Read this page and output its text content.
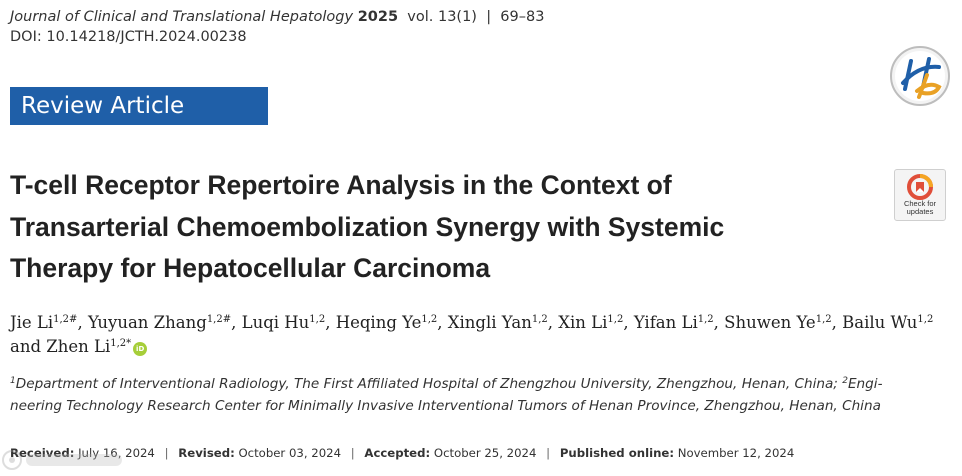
Journal of Clinical and Translational Hepatology 2025 vol. 13(1) | 69–83
DOI: 10.14218/JCTH.2024.00238
Review Article
T-cell Receptor Repertoire Analysis in the Context of
Transarterial Chemoembolization Synergy with Systemic
Therapy for Hepatocellular Carcinoma
Check for
updates
Jie $Li^{1,2\#}$, Yuyuan Zhang$^{1,2\#}$, Luqi Hu$^{1,2}$, Heqing Ye$^{1,2}$, Xingli Yan$^{1,2}$, Xin Li$^{1,2}$, Yifan Li$^{1,2}$, Shuwen Ye$^{1,2}$, Bailu Wu$^{1,2}$
and Zhen $Li^{1,2*}$ iD
$^1$Department of Interventional Radiology, The First Affiliated Hospital of Zhengzhou University, Zhengzhou, Henan, China; $^2$Engi-
neering Technology Research Center for Minimally Invasive Interventional Tumors of Henan Province, Zhengzhou, Henan, China
Received: July 16, 2024 | Revised: October 03, 2024 | Accepted: October 25, 2024 | Published online: November 12, 2024
